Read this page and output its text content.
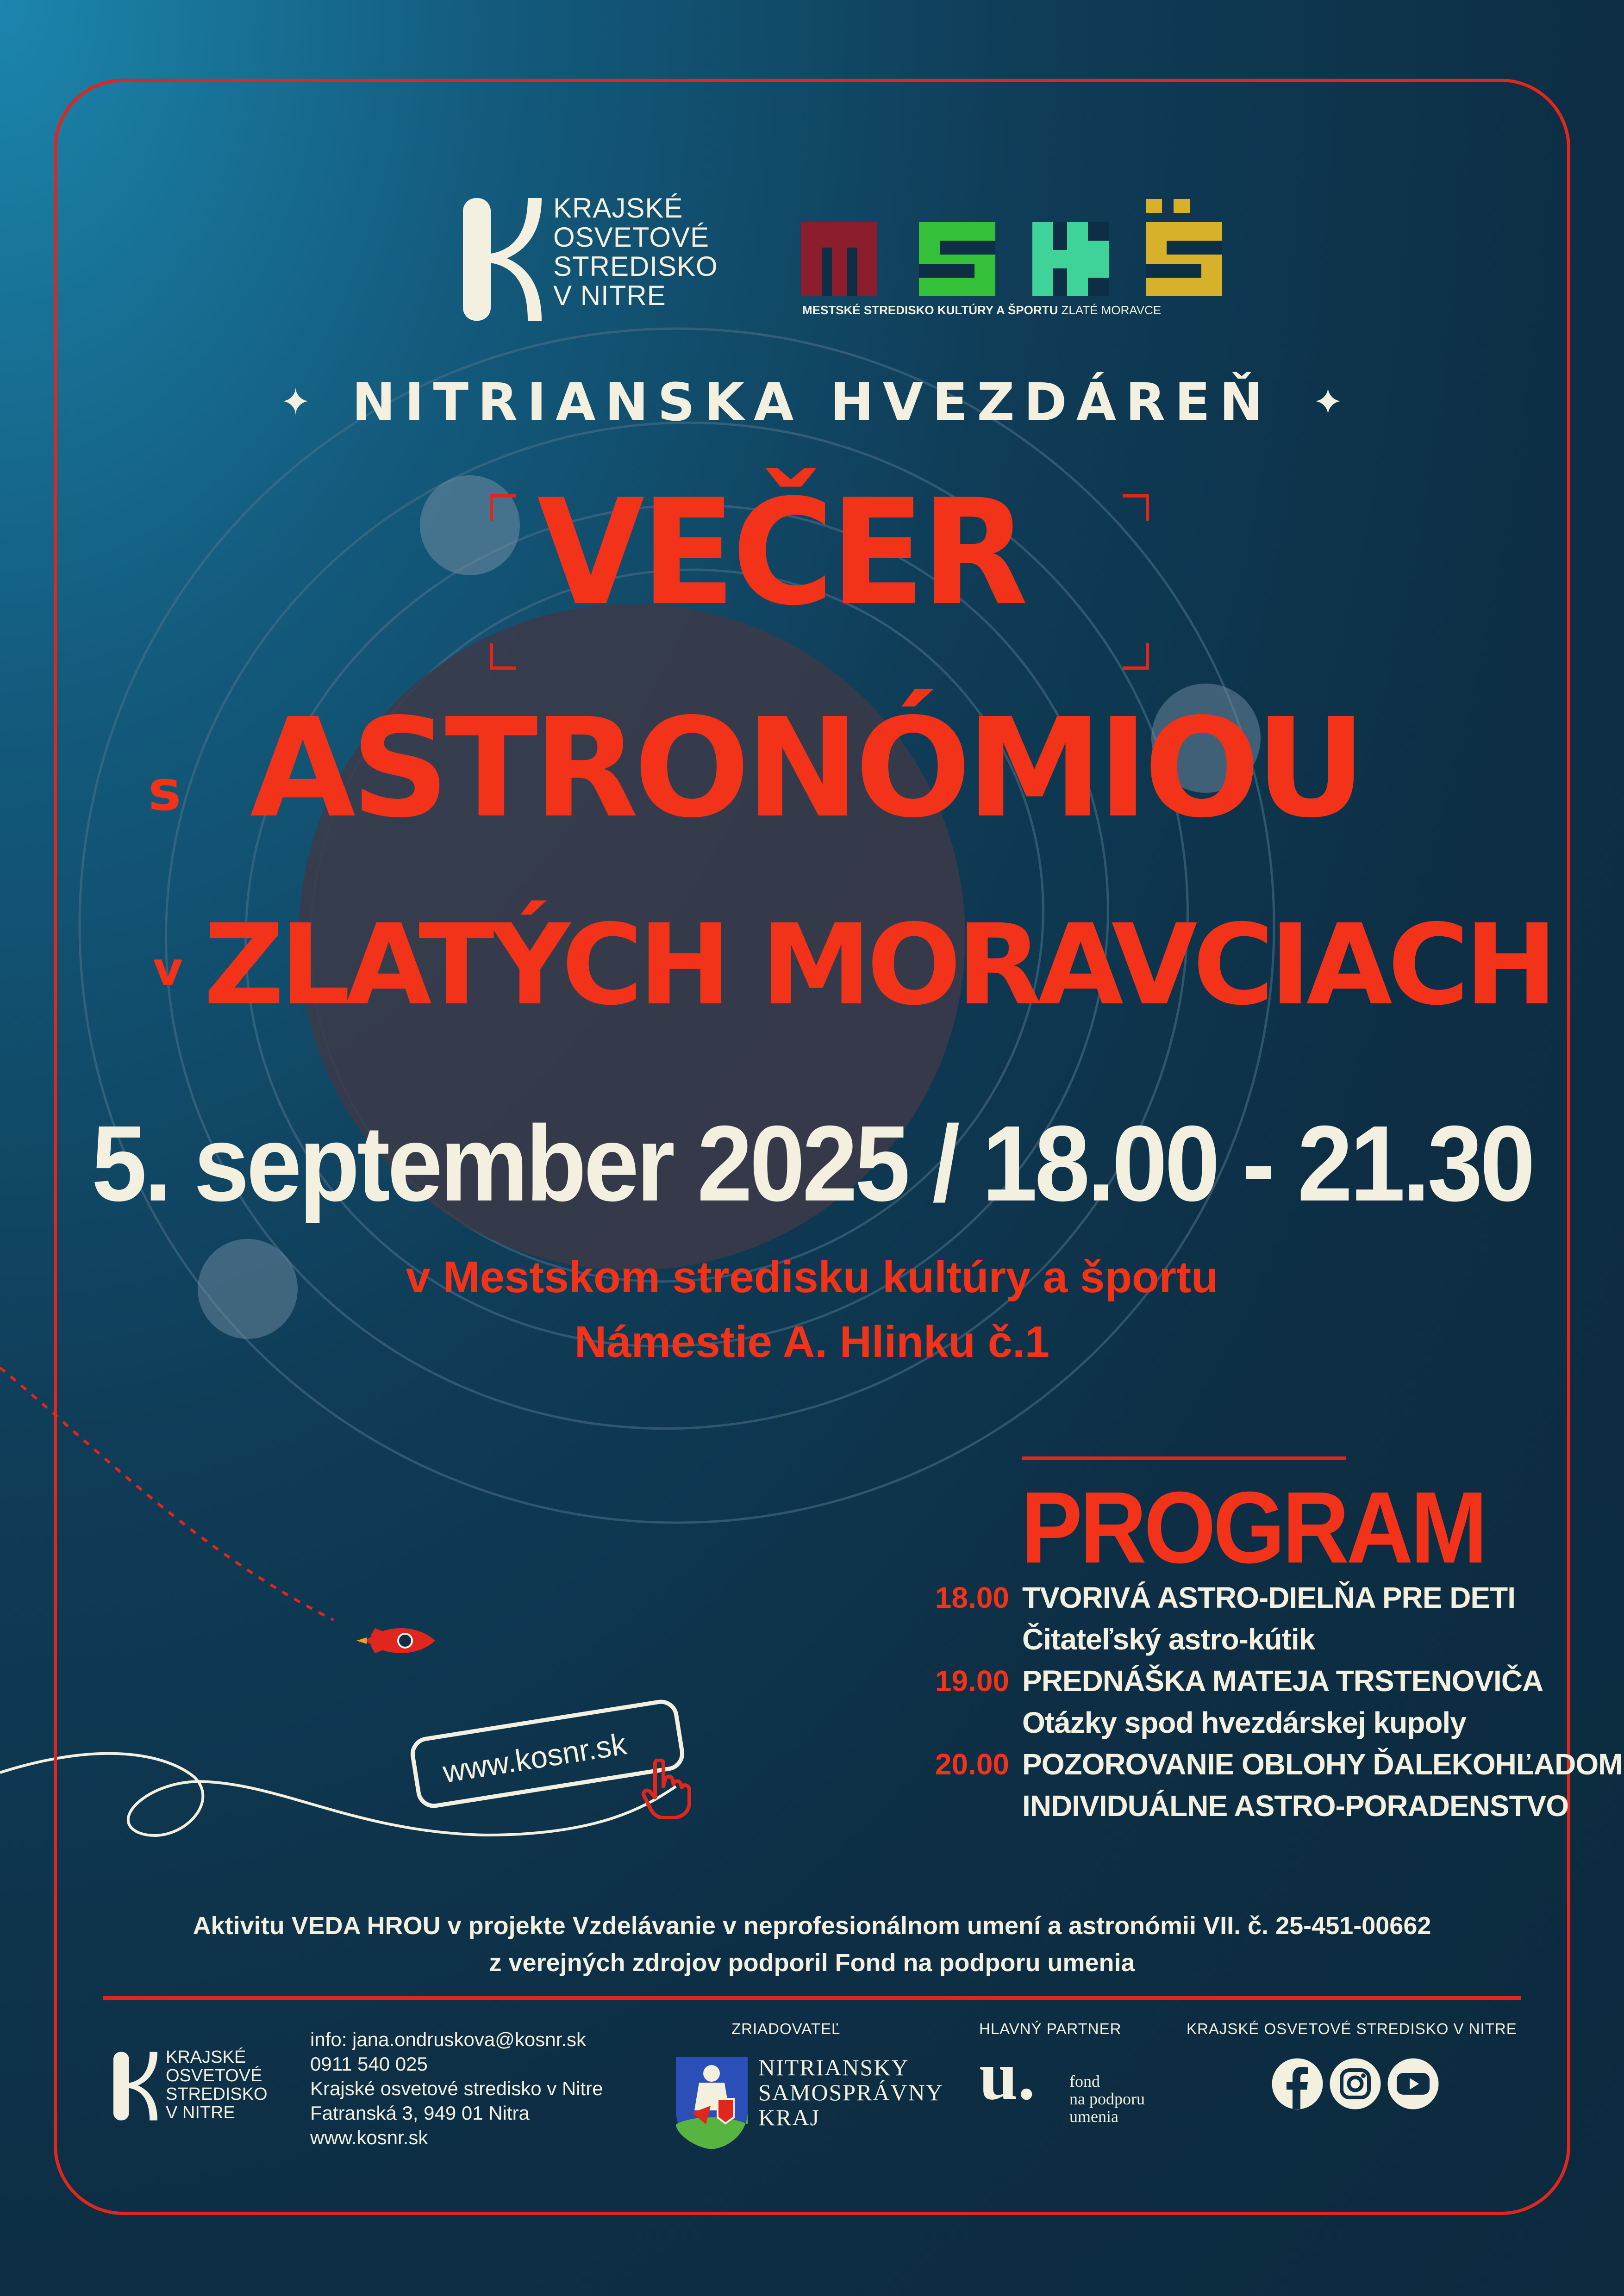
KRAJSKÉ
OSVETOVÉ
STREDISKO
V NITRE	MESTSKÉ STREDISKO KULTÚRY A ŠPORTU ZLATÉ MORAVCE
✦ NITRIANSKA HVEZDÁREŇ	✦
VEČER
s ASTRONÓMIOU
v ZLATÝCH MORAVCIACH
5. september 2025 / 18.00 - 21.30
v Mestskom stredisku kultúry a športu
Námestie A. Hlinku č.1
PROGRAM
18.00 TVORIVÁ ASTRO-DIELŇA PRE DETI
Čitateľský astro-kútik
19.00 PREDNÁŠKA MATEJA TRSTENOVIČA
Otázky spod hvezdárskej kupoly
20.00 POZOROVANIE OBLOHY ĎALEKOHĽADOM
INDIVIDUÁLNE ASTRO-PORADENSTVO
www.kosnr.sk
Aktivitu VEDA HROU v projekte Vzdelávanie v neprofesionálnom umení a astronómii VII. č. 25-451-00662
z verejných zdrojov podporil Fond na podporu umenia
KRAJSKÉ
OSVETOVÉ
STREDISKO
V NITRE
info: jana.ondruskova@kosnr.sk
0911 540 025
Krajské osvetové stredisko v Nitre
Fatranská 3, 949 01 Nitra
www.kosnr.sk
ZRIADOVATEĽ
NITRIANSKY
SAMOSPRÁVNY
KRAJ
HLAVNÝ PARTNER
u. fond
na podporu
umenia
KRAJSKÉ OSVETOVÉ STREDISKO V NITRE
